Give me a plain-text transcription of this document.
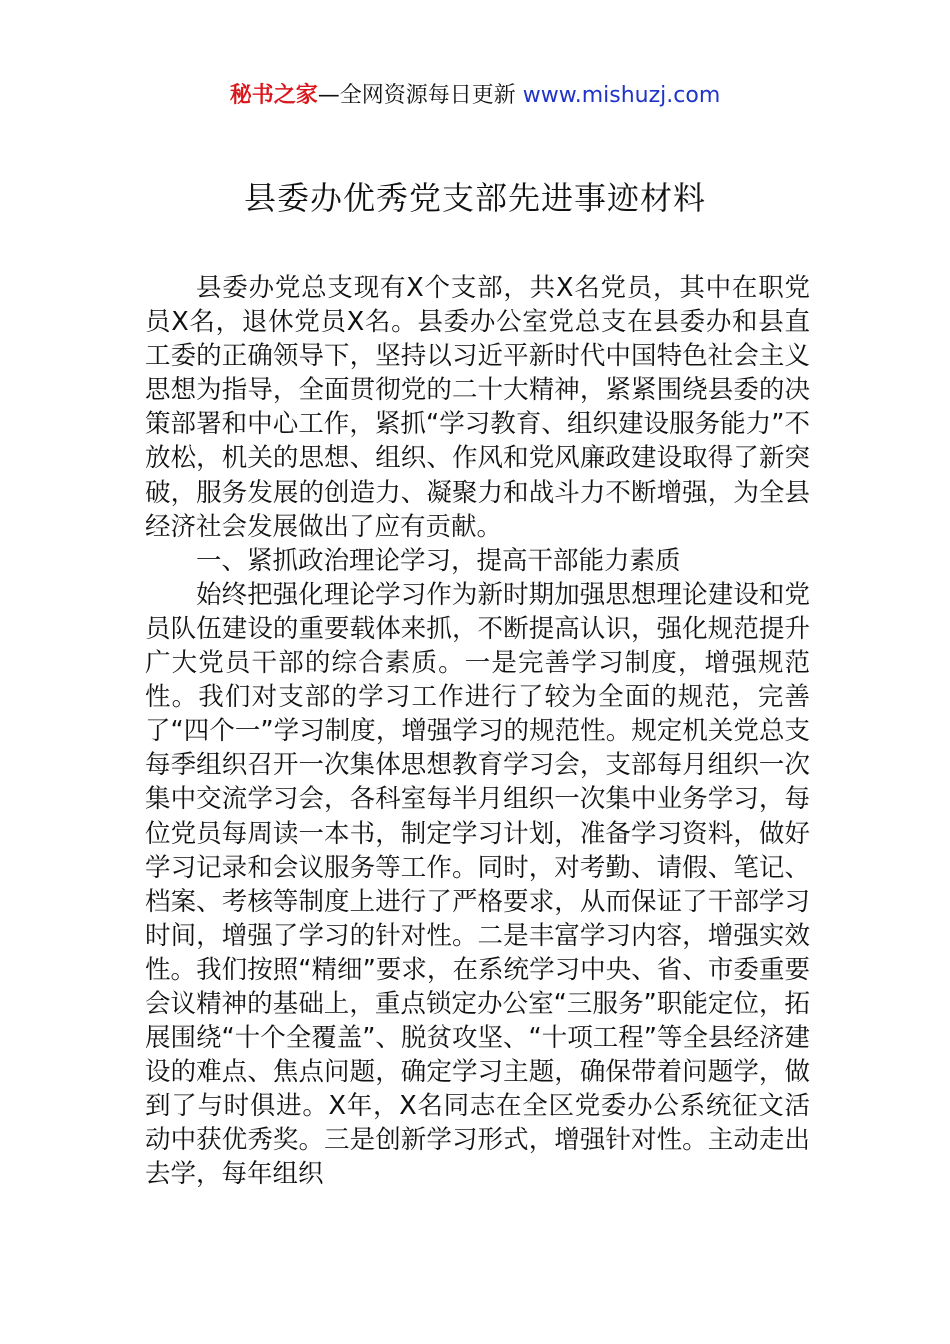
秘书之家—全网资源每日更新 www.mishuzj.com
县委办优秀党支部先进事迹材料

县委办党总支现有X个支部，共X名党员，其中在职党员X名，退休党员X名。县委办公室党总支在县委办和县直工委的正确领导下，坚持以习近平新时代中国特色社会主义思想为指导，全面贯彻党的二十大精神，紧紧围绕县委的决策部署和中心工作，紧抓“学习教育、组织建设服务能力”不放松，机关的思想、组织、作风和党风廉政建设取得了新突破，服务发展的创造力、凝聚力和战斗力不断增强，为全县经济社会发展做出了应有贡献。

一、紧抓政治理论学习，提高干部能力素质

始终把强化理论学习作为新时期加强思想理论建设和党员队伍建设的重要载体来抓，不断提高认识，强化规范提升广大党员干部的综合素质。一是完善学习制度，增强规范性。我们对支部的学习工作进行了较为全面的规范，完善了“四个一”学习制度，增强学习的规范性。规定机关党总支每季组织召开一次集体思想教育学习会，支部每月组织一次集中交流学习会，各科室每半月组织一次集中业务学习，每位党员每周读一本书，制定学习计划，准备学习资料，做好学习记录和会议服务等工作。同时，对考勤、请假、笔记、档案、考核等制度上进行了严格要求，从而保证了干部学习时间，增强了学习的针对性。二是丰富学习内容，增强实效性。我们按照“精细”要求，在系统学习中央、省、市委重要会议精神的基础上，重点锁定办公室“三服务”职能定位，拓展围绕“十个全覆盖”、脱贫攻坚、“十项工程”等全县经济建设的难点、焦点问题，确定学习主题，确保带着问题学，做到了与时俱进。X年，X名同志在全区党委办公系统征文活动中获优秀奖。三是创新学习形式，增强针对性。主动走出去学，每年组织
